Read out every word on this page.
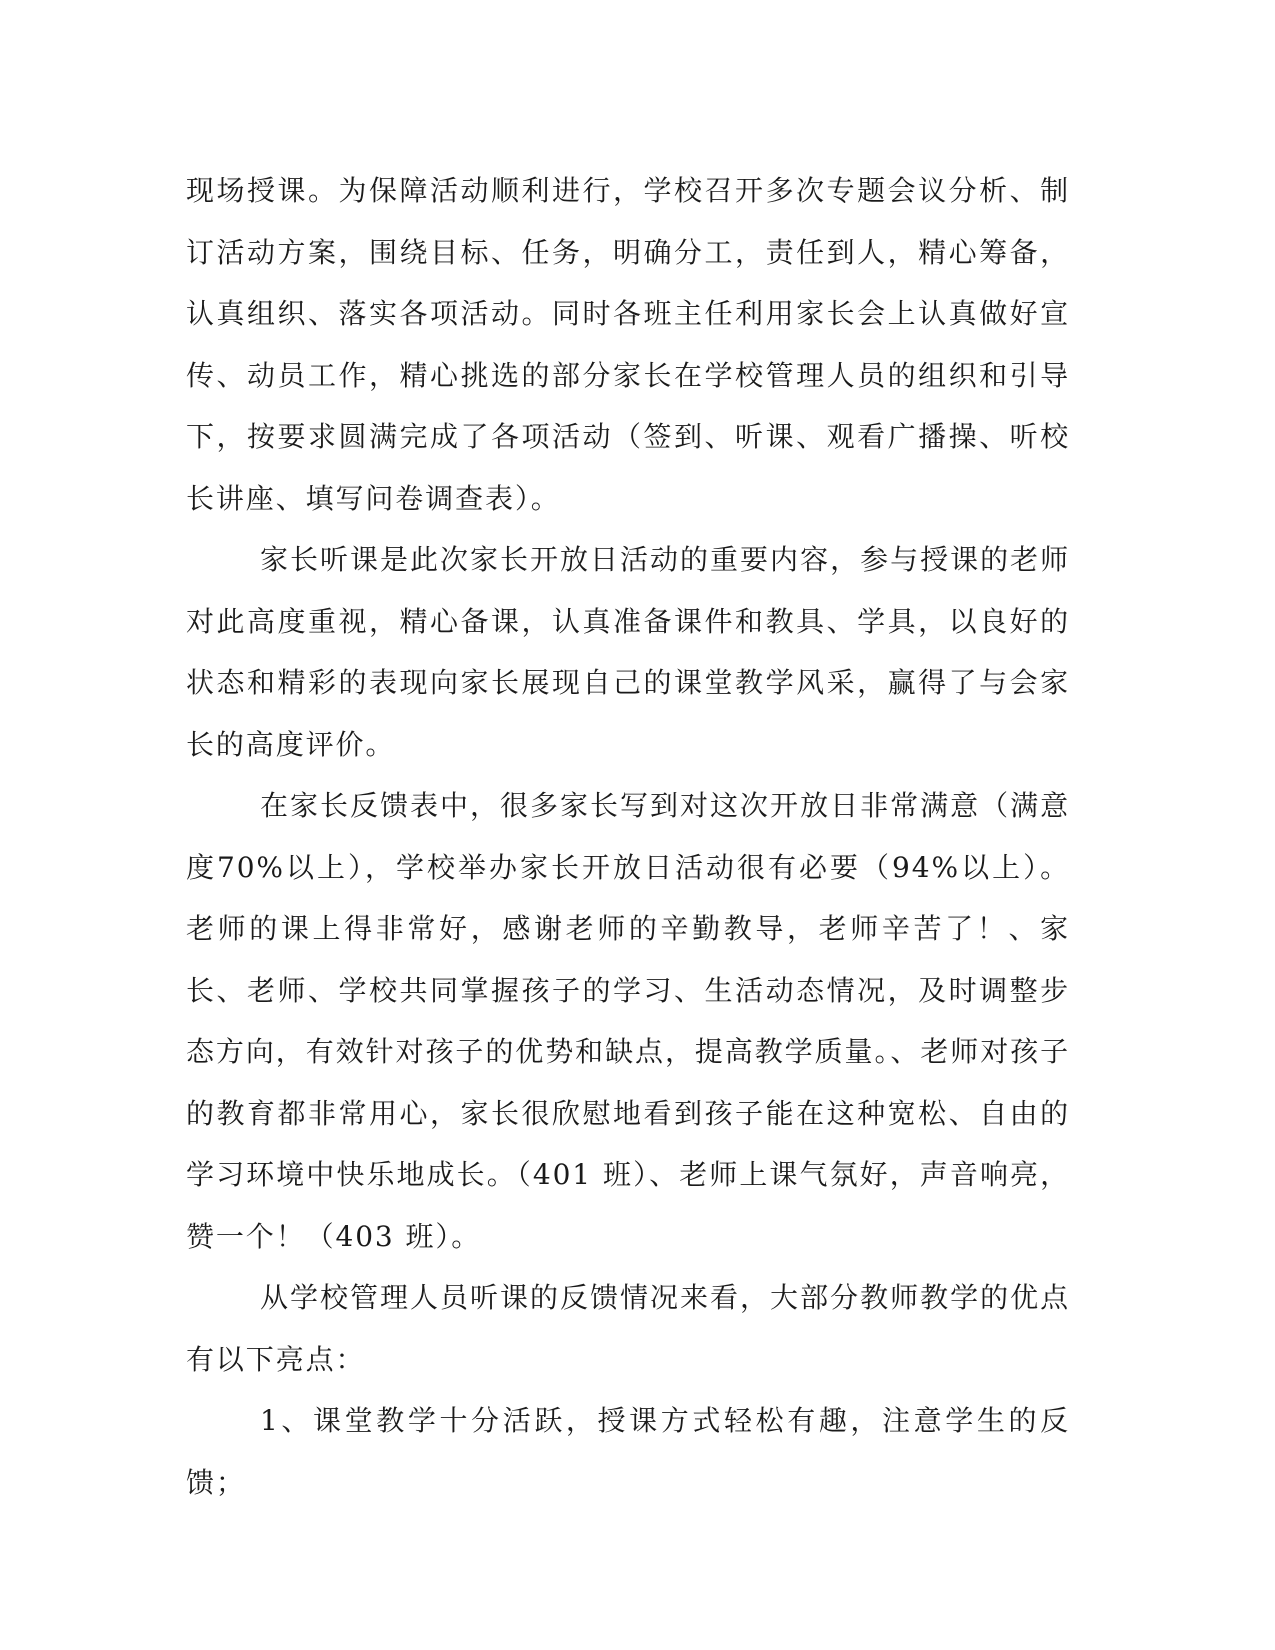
现场授课。为保障活动顺利进行，学校召开多次专题会议分析、制订活动方案，围绕目标、任务，明确分工，责任到人，精心筹备，认真组织、落实各项活动。同时各班主任利用家长会上认真做好宣传、动员工作，精心挑选的部分家长在学校管理人员的组织和引导下，按要求圆满完成了各项活动（签到、听课、观看广播操、听校长讲座、填写问卷调查表）。

家长听课是此次家长开放日活动的重要内容，参与授课的老师对此高度重视，精心备课，认真准备课件和教具、学具，以良好的状态和精彩的表现向家长展现自己的课堂教学风采，赢得了与会家长的高度评价。

在家长反馈表中，很多家长写到对这次开放日非常满意（满意度70%以上），学校举办家长开放日活动很有必要（94%以上）。老师的课上得非常好，感谢老师的辛勤教导，老师辛苦了！、家长、老师、学校共同掌握孩子的学习、生活动态情况，及时调整步态方向，有效针对孩子的优势和缺点，提高教学质量。、老师对孩子的教育都非常用心，家长很欣慰地看到孩子能在这种宽松、自由的学习环境中快乐地成长。（401 班）、老师上课气氛好，声音响亮，赞一个！（403 班）。

从学校管理人员听课的反馈情况来看，大部分教师教学的优点有以下亮点：

1、课堂教学十分活跃，授课方式轻松有趣，注意学生的反馈；
